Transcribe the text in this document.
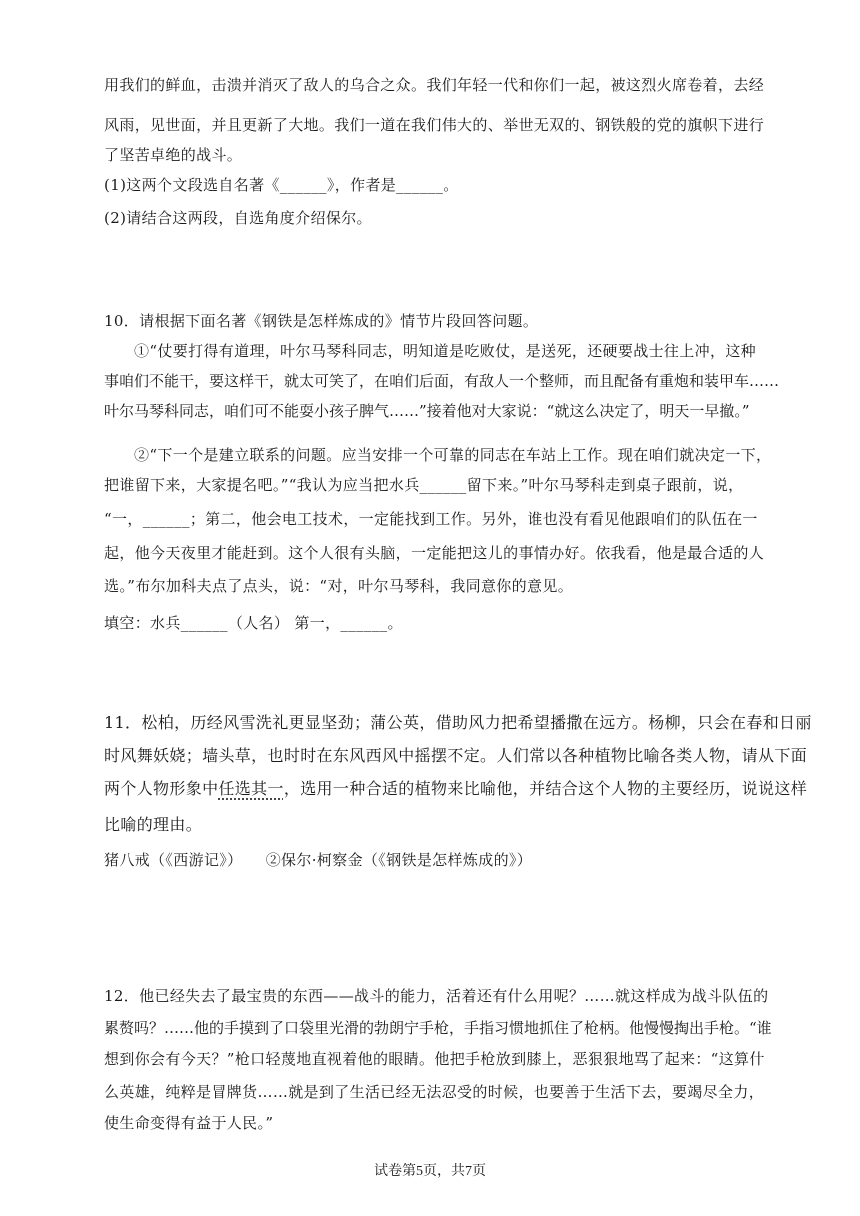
用我们的鲜血，击溃并消灭了敌人的乌合之众。我们年轻一代和你们一起，被这烈火席卷着，去经
风雨，见世面，并且更新了大地。我们一道在我们伟大的、举世无双的、钢铁般的党的旗帜下进行
了坚苦卓绝的战斗。
(1)这两个文段选自名著《______》，作者是______。
(2)请结合这两段，自选角度介绍保尔。
10．请根据下面名著《钢铁是怎样炼成的》情节片段回答问题。
①“仗要打得有道理，叶尔马琴科同志，明知道是吃败仗，是送死，还硬要战士往上冲，这种
事咱们不能干，要这样干，就太可笑了，在咱们后面，有敌人一个整师，而且配备有重炮和装甲车……
叶尔马琴科同志，咱们可不能耍小孩子脾气……”接着他对大家说：“就这么决定了，明天一早撤。”
②“下一个是建立联系的问题。应当安排一个可靠的同志在车站上工作。现在咱们就决定一下，
把谁留下来，大家提名吧。”“我认为应当把水兵______留下来。”叶尔马琴科走到桌子跟前，说，
“一，______；第二，他会电工技术，一定能找到工作。另外，谁也没有看见他跟咱们的队伍在一
起，他今天夜里才能赶到。这个人很有头脑，一定能把这儿的事情办好。依我看，他是最合适的人
选。”布尔加科夫点了点头，说：“对，叶尔马琴科，我同意你的意见。
填空：水兵______（人名） 第一，______。
11．松柏，历经风雪洗礼更显坚劲；蒲公英，借助风力把希望播撒在远方。杨柳，只会在春和日丽
时风舞妖娆；墙头草，也时时在东风西风中摇摆不定。人们常以各种植物比喻各类人物，请从下面
两个人物形象中任选其一，选用一种合适的植物来比喻他，并结合这个人物的主要经历，说说这样
比喻的理由。
猪八戒（《西游记》）　　②保尔·柯察金（《钢铁是怎样炼成的》）
12．他已经失去了最宝贵的东西——战斗的能力，活着还有什么用呢？……就这样成为战斗队伍的
累赘吗？……他的手摸到了口袋里光滑的勃朗宁手枪，手指习惯地抓住了枪柄。他慢慢掏出手枪。“谁
想到你会有今天？”枪口轻蔑地直视着他的眼睛。他把手枪放到膝上，恶狠狠地骂了起来：“这算什
么英雄，纯粹是冒牌货……就是到了生活已经无法忍受的时候，也要善于生活下去，要竭尽全力，
使生命变得有益于人民。”
试卷第5页，共7页
